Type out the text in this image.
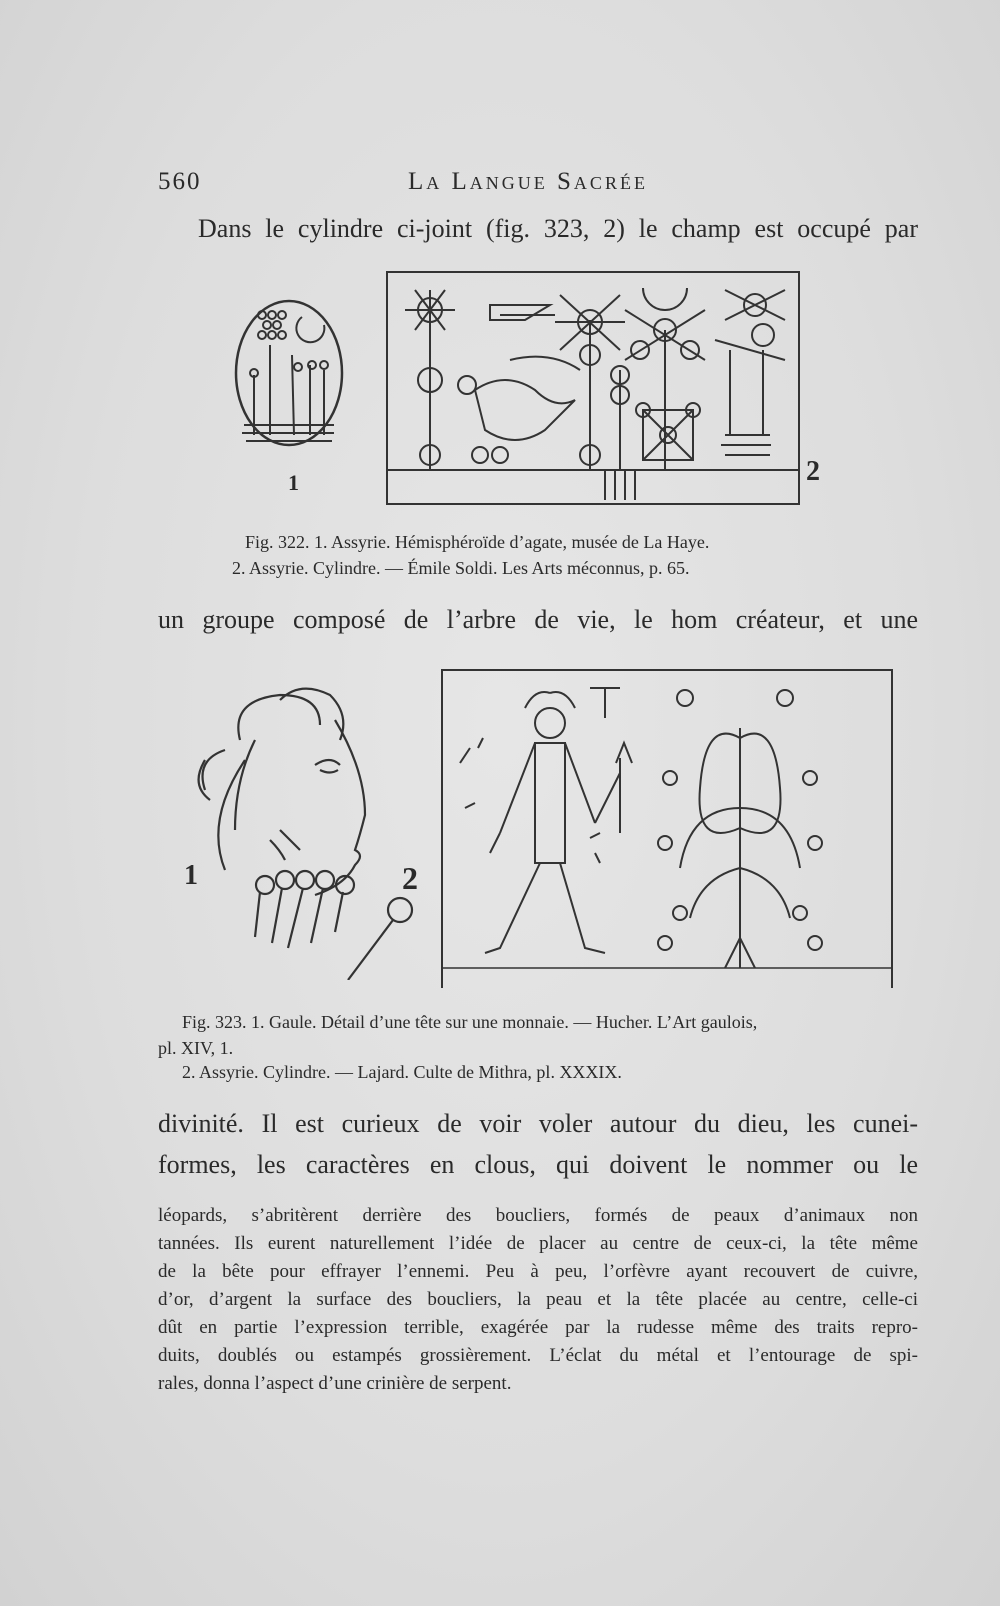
560	La Langue Sacrée
Dans le cylindre ci-joint (fig. 323, 2) le champ est occupé par
1	2
Fig. 322. 1. Assyrie. Hémisphéroïde d’agate, musée de La Haye.
2. Assyrie. Cylindre. — Émile Soldi. Les Arts méconnus, p. 65.
un groupe composé de l’arbre de vie, le hom créateur, et une
1	2
Fig. 323. 1. Gaule. Détail d’une tête sur une monnaie. — Hucher. L’Art gaulois,
pl. XIV, 1.
2. Assyrie. Cylindre. — Lajard. Culte de Mithra, pl. XXXIX.
divinité. Il est curieux de voir voler autour du dieu, les cunei-
formes, les caractères en clous, qui doivent le nommer ou le
léopards, s’abritèrent derrière des boucliers, formés de peaux d’animaux non
tannées. Ils eurent naturellement l’idée de placer au centre de ceux-ci, la tête même
de la bête pour effrayer l’ennemi. Peu à peu, l’orfèvre ayant recouvert de cuivre,
d’or, d’argent la surface des boucliers, la peau et la tête placée au centre, celle-ci
dût en partie l’expression terrible, exagérée par la rudesse même des traits repro-
duits, doublés ou estampés grossièrement. L’éclat du métal et l’entourage de spi-
rales, donna l’aspect d’une crinière de serpent.
